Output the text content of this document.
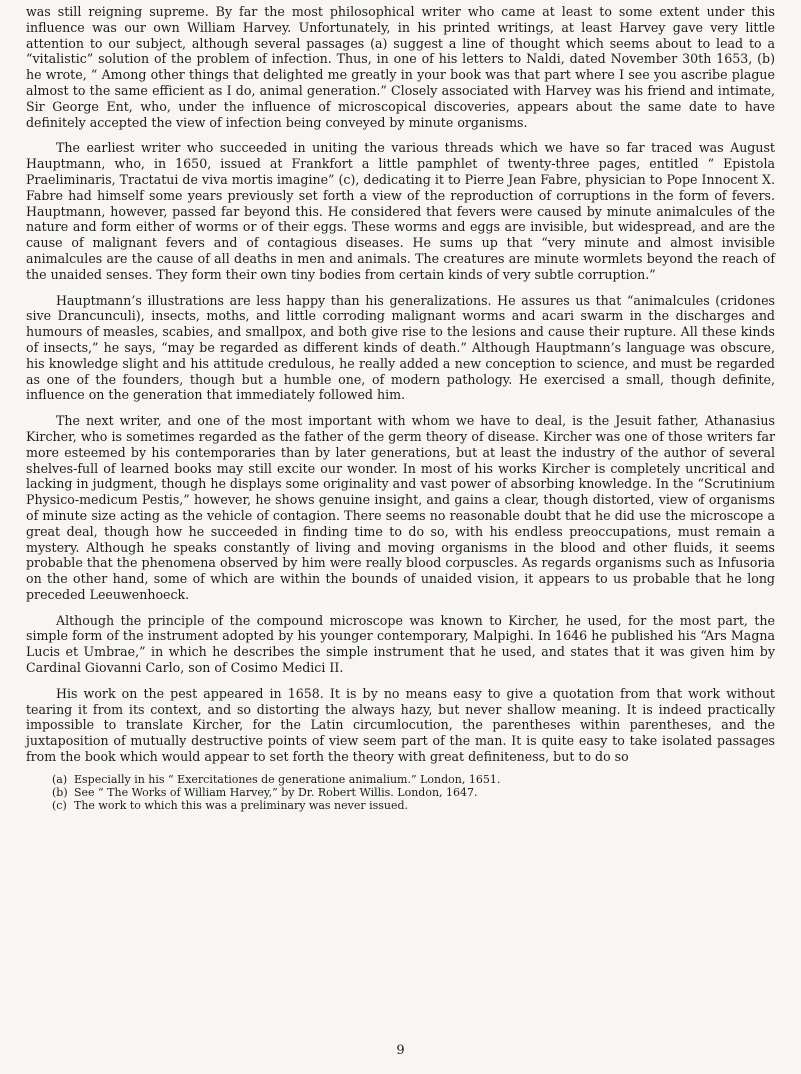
was still reigning supreme. By far the most philosophical writer who came at least to some extent under this influence was our own William Harvey. Unfortunately, in his printed writings, at least Harvey gave very little attention to our subject, although several passages (a) suggest a line of thought which seems about to lead to a “vitalistic” solution of the problem of infection. Thus, in one of his letters to Naldi, dated November 30th 1653, (b) he wrote, “ Among other things that delighted me greatly in your book was that part where I see you ascribe plague almost to the same efficient as I do, animal generation.” Closely associated with Harvey was his friend and intimate, Sir George Ent, who, under the influence of microscopical discoveries, appears about the same date to have definitely accepted the view of infection being conveyed by minute organisms.

The earliest writer who succeeded in uniting the various threads which we have so far traced was August Hauptmann, who, in 1650, issued at Frankfort a little pamphlet of twenty-three pages, entitled “ Epistola Praeliminaris, Tractatui de viva mortis imagine” (c), dedicating it to Pierre Jean Fabre, physician to Pope Innocent X. Fabre had himself some years previously set forth a view of the reproduction of corruptions in the form of fevers. Hauptmann, however, passed far beyond this. He considered that fevers were caused by minute animalcules of the nature and form either of worms or of their eggs. These worms and eggs are invisible, but widespread, and are the cause of malignant fevers and of contagious diseases. He sums up that “very minute and almost invisible animalcules are the cause of all deaths in men and animals. The creatures are minute wormlets beyond the reach of the unaided senses. They form their own tiny bodies from certain kinds of very subtle corruption.”

Hauptmann’s illustrations are less happy than his generalizations. He assures us that “animalcules (cridones sive Drancunculi), insects, moths, and little corroding malignant worms and acari swarm in the discharges and humours of measles, scabies, and smallpox, and both give rise to the lesions and cause their rupture. All these kinds of insects,” he says, “may be regarded as different kinds of death.” Although Hauptmann’s language was obscure, his knowledge slight and his attitude credulous, he really added a new conception to science, and must be regarded as one of the founders, though but a humble one, of modern pathology. He exercised a small, though definite, influence on the generation that immediately followed him.

The next writer, and one of the most important with whom we have to deal, is the Jesuit father, Athanasius Kircher, who is sometimes regarded as the father of the germ theory of disease. Kircher was one of those writers far more esteemed by his contemporaries than by later generations, but at least the industry of the author of several shelves-full of learned books may still excite our wonder. In most of his works Kircher is completely uncritical and lacking in judgment, though he displays some originality and vast power of absorbing knowledge. In the “Scrutinium Physico-medicum Pestis,” however, he shows genuine insight, and gains a clear, though distorted, view of organisms of minute size acting as the vehicle of contagion. There seems no reasonable doubt that he did use the microscope a great deal, though how he succeeded in finding time to do so, with his endless preoccupations, must remain a mystery. Although he speaks constantly of living and moving organisms in the blood and other fluids, it seems probable that the phenomena observed by him were really blood corpuscles. As regards organisms such as Infusoria on the other hand, some of which are within the bounds of unaided vision, it appears to us probable that he long preceded Leeuwenhoeck.

Although the principle of the compound microscope was known to Kircher, he used, for the most part, the simple form of the instrument adopted by his younger contemporary, Malpighi. In 1646 he published his “Ars Magna Lucis et Umbrae,” in which he describes the simple instrument that he used, and states that it was given him by Cardinal Giovanni Carlo, son of Cosimo Medici II.

His work on the pest appeared in 1658. It is by no means easy to give a quotation from that work without tearing it from its context, and so distorting the always hazy, but never shallow meaning. It is indeed practically impossible to translate Kircher, for the Latin circumlocution, the parentheses within parentheses, and the juxtaposition of mutually destructive points of view seem part of the man. It is quite easy to take isolated passages from the book which would appear to set forth the theory with great definiteness, but to do so

(a) Especially in his “ Exercitationes de generatione animalium.” London, 1651.
(b) See “ The Works of William Harvey,” by Dr. Robert Willis. London, 1647.
(c) The work to which this was a preliminary was never issued.
9
